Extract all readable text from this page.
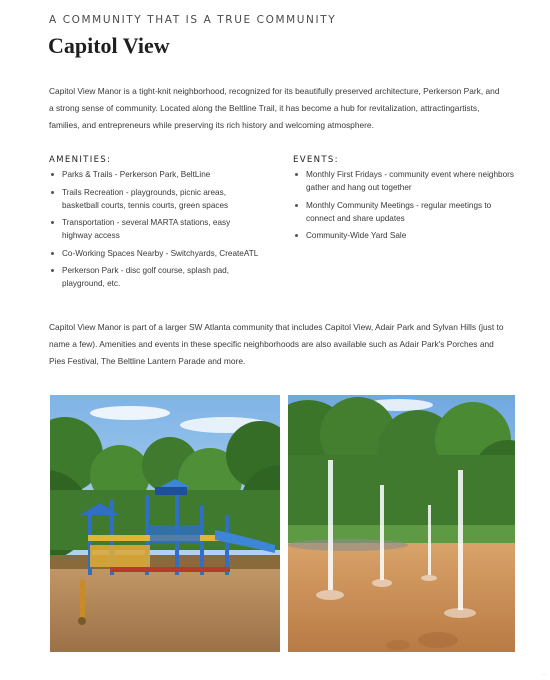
A COMMUNITY THAT IS A TRUE COMMUNITY
Capitol View

Capitol View Manor is a tight-knit neighborhood, recognized for its beautifully preserved architecture, Perkerson Park, and a strong sense of community. Located along the Beltline Trail, it has become a hub for revitalization, attractingartists, families, and entrepreneurs while preserving its rich history and welcoming atmosphere.

AMENITIES:
Parks & Trails - Perkerson Park, BeltLine
Trails Recreation - playgrounds, picnic areas, basketball courts, tennis courts, green spaces
Transportation - several MARTA stations, easy highway access
Co-Working Spaces Nearby - Switchyards, CreateATL
Perkerson Park - disc golf course, splash pad, playground, etc.
EVENTS:
Monthly First Fridays - community event where neighbors gather and hang out together
Monthly Community Meetings - regular meetings to connect and share updates
Community-Wide Yard Sale

Capitol View Manor is part of a larger SW Atlanta community that includes Capitol View, Adair Park and Sylvan Hills (just to name a few). Amenities and events in these specific neighborhoods are also available such as Adair Park's Porches and Pies Festival, The Beltline Lantern Parade and more.

··
